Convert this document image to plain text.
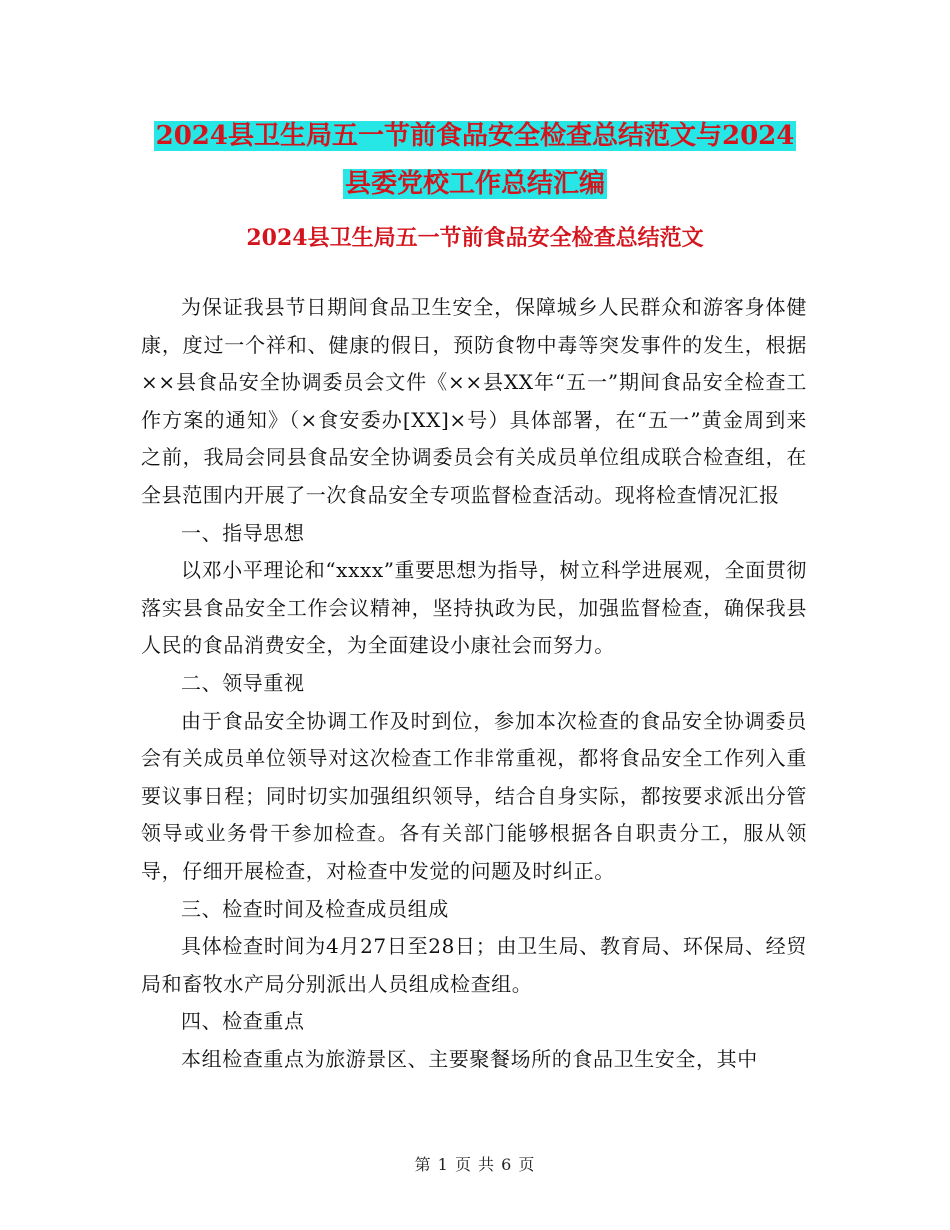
2024县卫生局五一节前食品安全检查总结范文与2024
县委党校工作总结汇编
2024县卫生局五一节前食品安全检查总结范文

为保证我县节日期间食品卫生安全，保障城乡人民群众和游客身体健康，度过一个祥和、健康的假日，预防食物中毒等突发事件的发生，根据××县食品安全协调委员会文件《××县XX年“五一”期间食品安全检查工作方案的通知》（×食安委办[XX]×号）具体部署，在“五一”黄金周到来之前，我局会同县食品安全协调委员会有关成员单位组成联合检查组，在全县范围内开展了一次食品安全专项监督检查活动。现将检查情况汇报

一、指导思想

以邓小平理论和“xxxx”重要思想为指导，树立科学进展观，全面贯彻落实县食品安全工作会议精神，坚持执政为民，加强监督检查，确保我县人民的食品消费安全，为全面建设小康社会而努力。

二、领导重视

由于食品安全协调工作及时到位，参加本次检查的食品安全协调委员会有关成员单位领导对这次检查工作非常重视，都将食品安全工作列入重要议事日程；同时切实加强组织领导，结合自身实际，都按要求派出分管领导或业务骨干参加检查。各有关部门能够根据各自职责分工，服从领导，仔细开展检查，对检查中发觉的问题及时纠正。

三、检查时间及检查成员组成

具体检查时间为4月27日至28日；由卫生局、教育局、环保局、经贸局和畜牧水产局分别派出人员组成检查组。

四、检查重点

本组检查重点为旅游景区、主要聚餐场所的食品卫生安全，其中

第 1 页 共 6 页
